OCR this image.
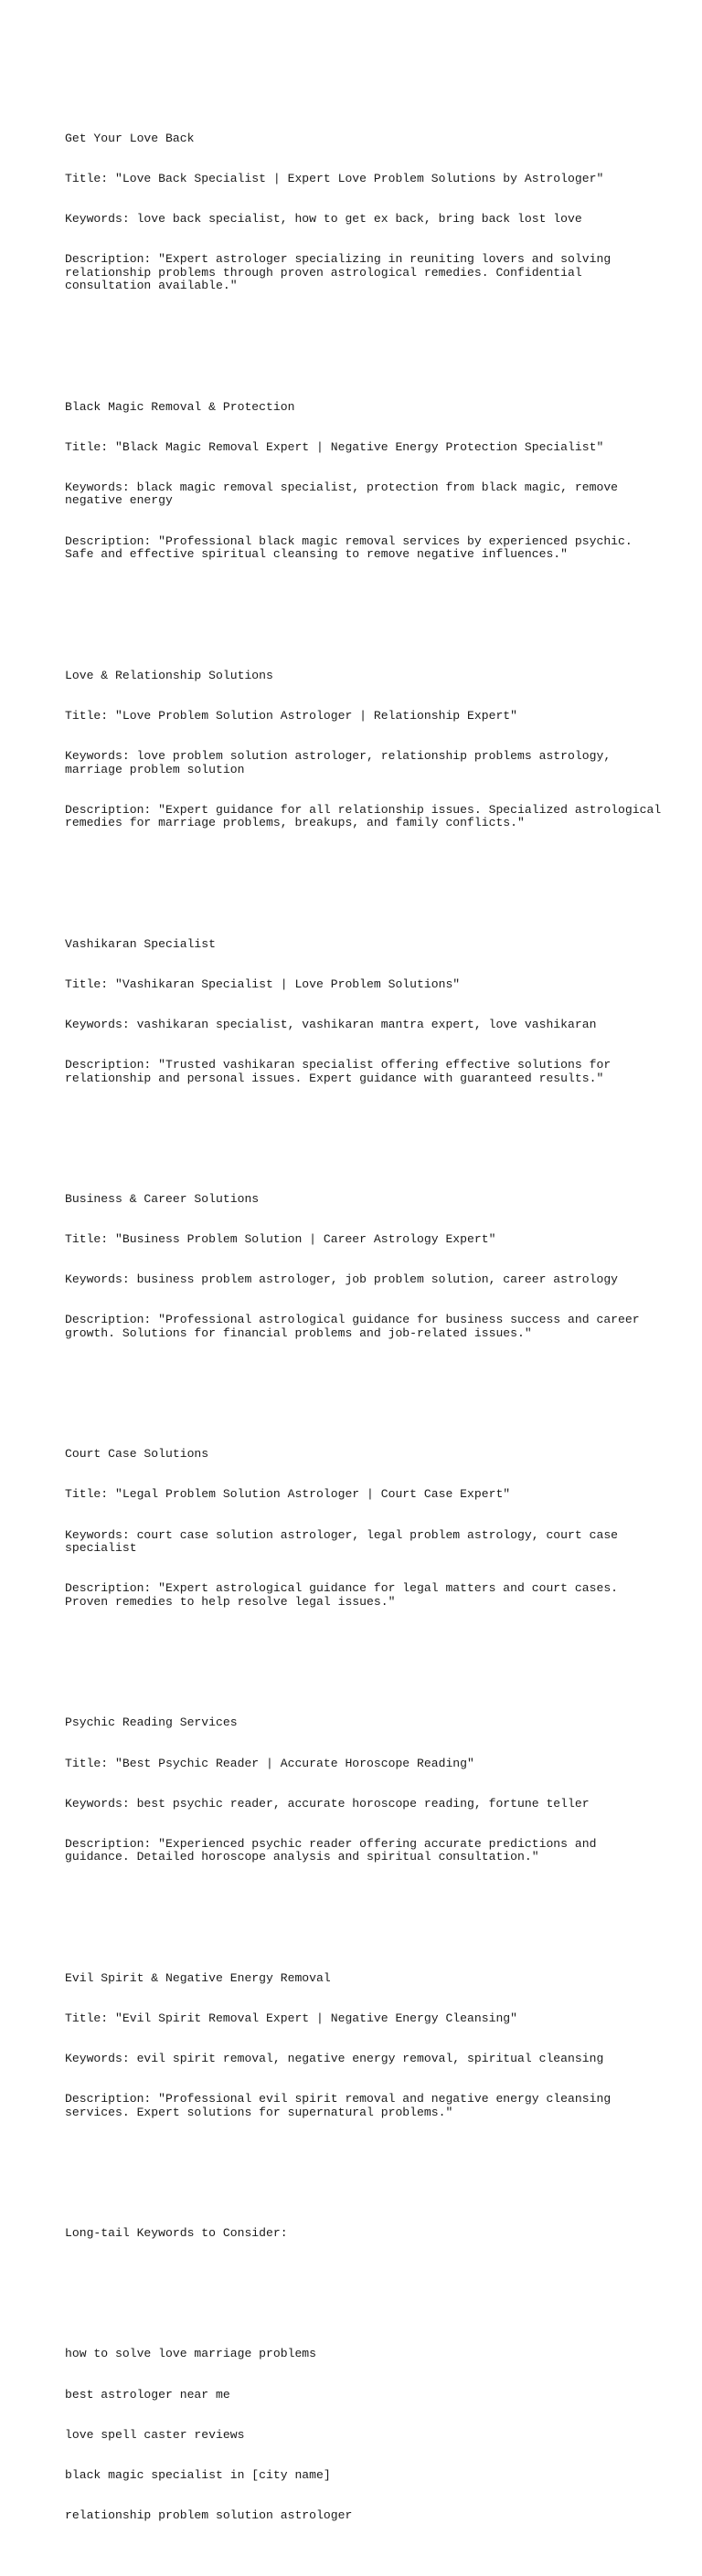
Get Your Love Back

Title: "Love Back Specialist | Expert Love Problem Solutions by Astrologer"

Keywords: love back specialist, how to get ex back, bring back lost love

Description: "Expert astrologer specializing in reuniting lovers and solving relationship problems through proven astrological remedies. Confidential consultation available."

Black Magic Removal & Protection

Title: "Black Magic Removal Expert | Negative Energy Protection Specialist"

Keywords: black magic removal specialist, protection from black magic, remove negative energy

Description: "Professional black magic removal services by experienced psychic. Safe and effective spiritual cleansing to remove negative influences."

Love & Relationship Solutions

Title: "Love Problem Solution Astrologer | Relationship Expert"

Keywords: love problem solution astrologer, relationship problems astrology, marriage problem solution

Description: "Expert guidance for all relationship issues. Specialized astrological remedies for marriage problems, breakups, and family conflicts."

Vashikaran Specialist

Title: "Vashikaran Specialist | Love Problem Solutions"

Keywords: vashikaran specialist, vashikaran mantra expert, love vashikaran

Description: "Trusted vashikaran specialist offering effective solutions for relationship and personal issues. Expert guidance with guaranteed results."

Business & Career Solutions

Title: "Business Problem Solution | Career Astrology Expert"

Keywords: business problem astrologer, job problem solution, career astrology

Description: "Professional astrological guidance for business success and career growth. Solutions for financial problems and job-related issues."

Court Case Solutions

Title: "Legal Problem Solution Astrologer | Court Case Expert"

Keywords: court case solution astrologer, legal problem astrology, court case specialist

Description: "Expert astrological guidance for legal matters and court cases. Proven remedies to help resolve legal issues."

Psychic Reading Services

Title: "Best Psychic Reader | Accurate Horoscope Reading"

Keywords: best psychic reader, accurate horoscope reading, fortune teller

Description: "Experienced psychic reader offering accurate predictions and guidance. Detailed horoscope analysis and spiritual consultation."

Evil Spirit & Negative Energy Removal

Title: "Evil Spirit Removal Expert | Negative Energy Cleansing"

Keywords: evil spirit removal, negative energy removal, spiritual cleansing

Description: "Professional evil spirit removal and negative energy cleansing services. Expert solutions for supernatural problems."

Long-tail Keywords to Consider:

how to solve love marriage problems

best astrologer near me

love spell caster reviews

black magic specialist in [city name]

relationship problem solution astrologer
